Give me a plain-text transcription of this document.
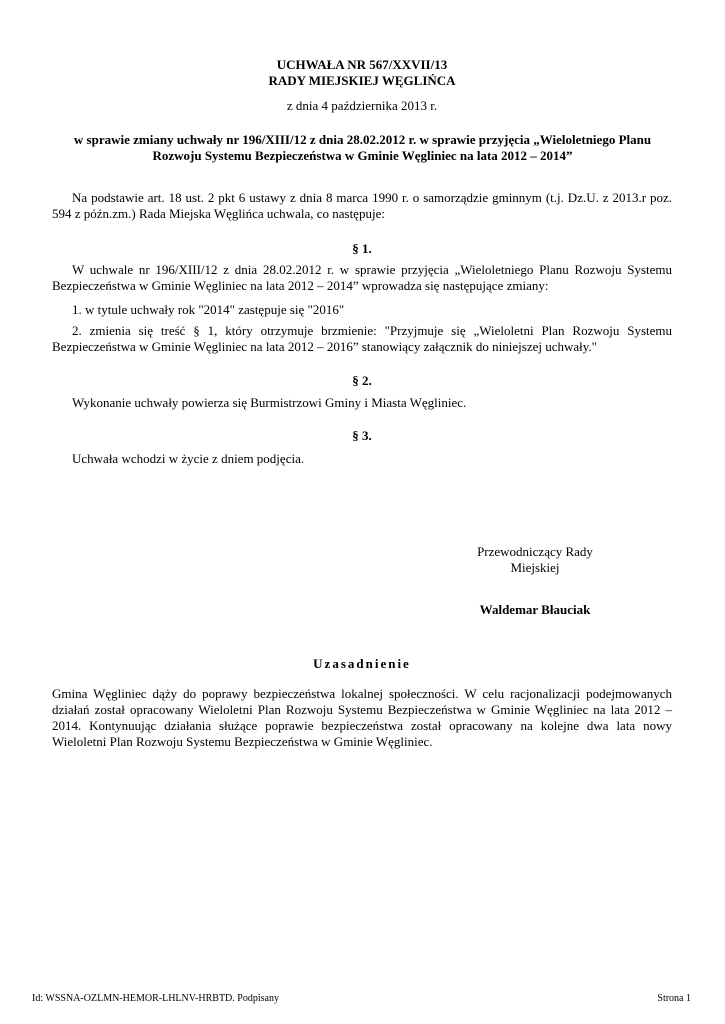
UCHWAŁA NR 567/XXVII/13

RADY MIEJSKIEJ WĘGLIŃCA

z dnia 4 października 2013 r.

w sprawie zmiany uchwały nr 196/XIII/12 z dnia 28.02.2012 r. w sprawie przyjęcia „Wieloletniego Planu

Rozwoju Systemu Bezpieczeństwa w Gminie Węgliniec na lata 2012 – 2014”

Na podstawie art. 18 ust. 2 pkt 6 ustawy z dnia 8 marca 1990 r. o samorządzie gminnym (t.j. Dz.U. z 2013.r poz. 594 z późn.zm.) Rada Miejska Węglińca uchwala, co następuje:
§ 1.
W uchwale nr 196/XIII/12 z dnia 28.02.2012 r. w sprawie przyjęcia „Wieloletniego Planu Rozwoju Systemu Bezpieczeństwa w Gminie Węgliniec na lata 2012 – 2014” wprowadza się następujące zmiany:
1. w tytule uchwały rok "2014" zastępuje się "2016"
2. zmienia się treść § 1, który otrzymuje brzmienie: "Przyjmuje się „Wieloletni Plan Rozwoju Systemu Bezpieczeństwa w Gminie Węgliniec na lata 2012 – 2016” stanowiący załącznik do niniejszej uchwały."
§ 2.
Wykonanie uchwały powierza się Burmistrzowi Gminy i Miasta Węgliniec.
§ 3.
Uchwała wchodzi w życie z dniem podjęcia.

Przewodniczący Rady

Miejskiej

Waldemar Błauciak
Uzasadnienie
Gmina Węgliniec dąży do poprawy bezpieczeństwa lokalnej społeczności. W celu racjonalizacji podejmowanych działań został opracowany Wieloletni Plan Rozwoju Systemu Bezpieczeństwa w Gminie Węgliniec na lata 2012 – 2014. Kontynuując działania służące poprawie bezpieczeństwa został opracowany na kolejne dwa lata nowy Wieloletni Plan Rozwoju Systemu Bezpieczeństwa w Gminie Węgliniec.
Id: WSSNA-OZLMN-HEMOR-LHLNV-HRBTD. Podpisany	Strona 1
